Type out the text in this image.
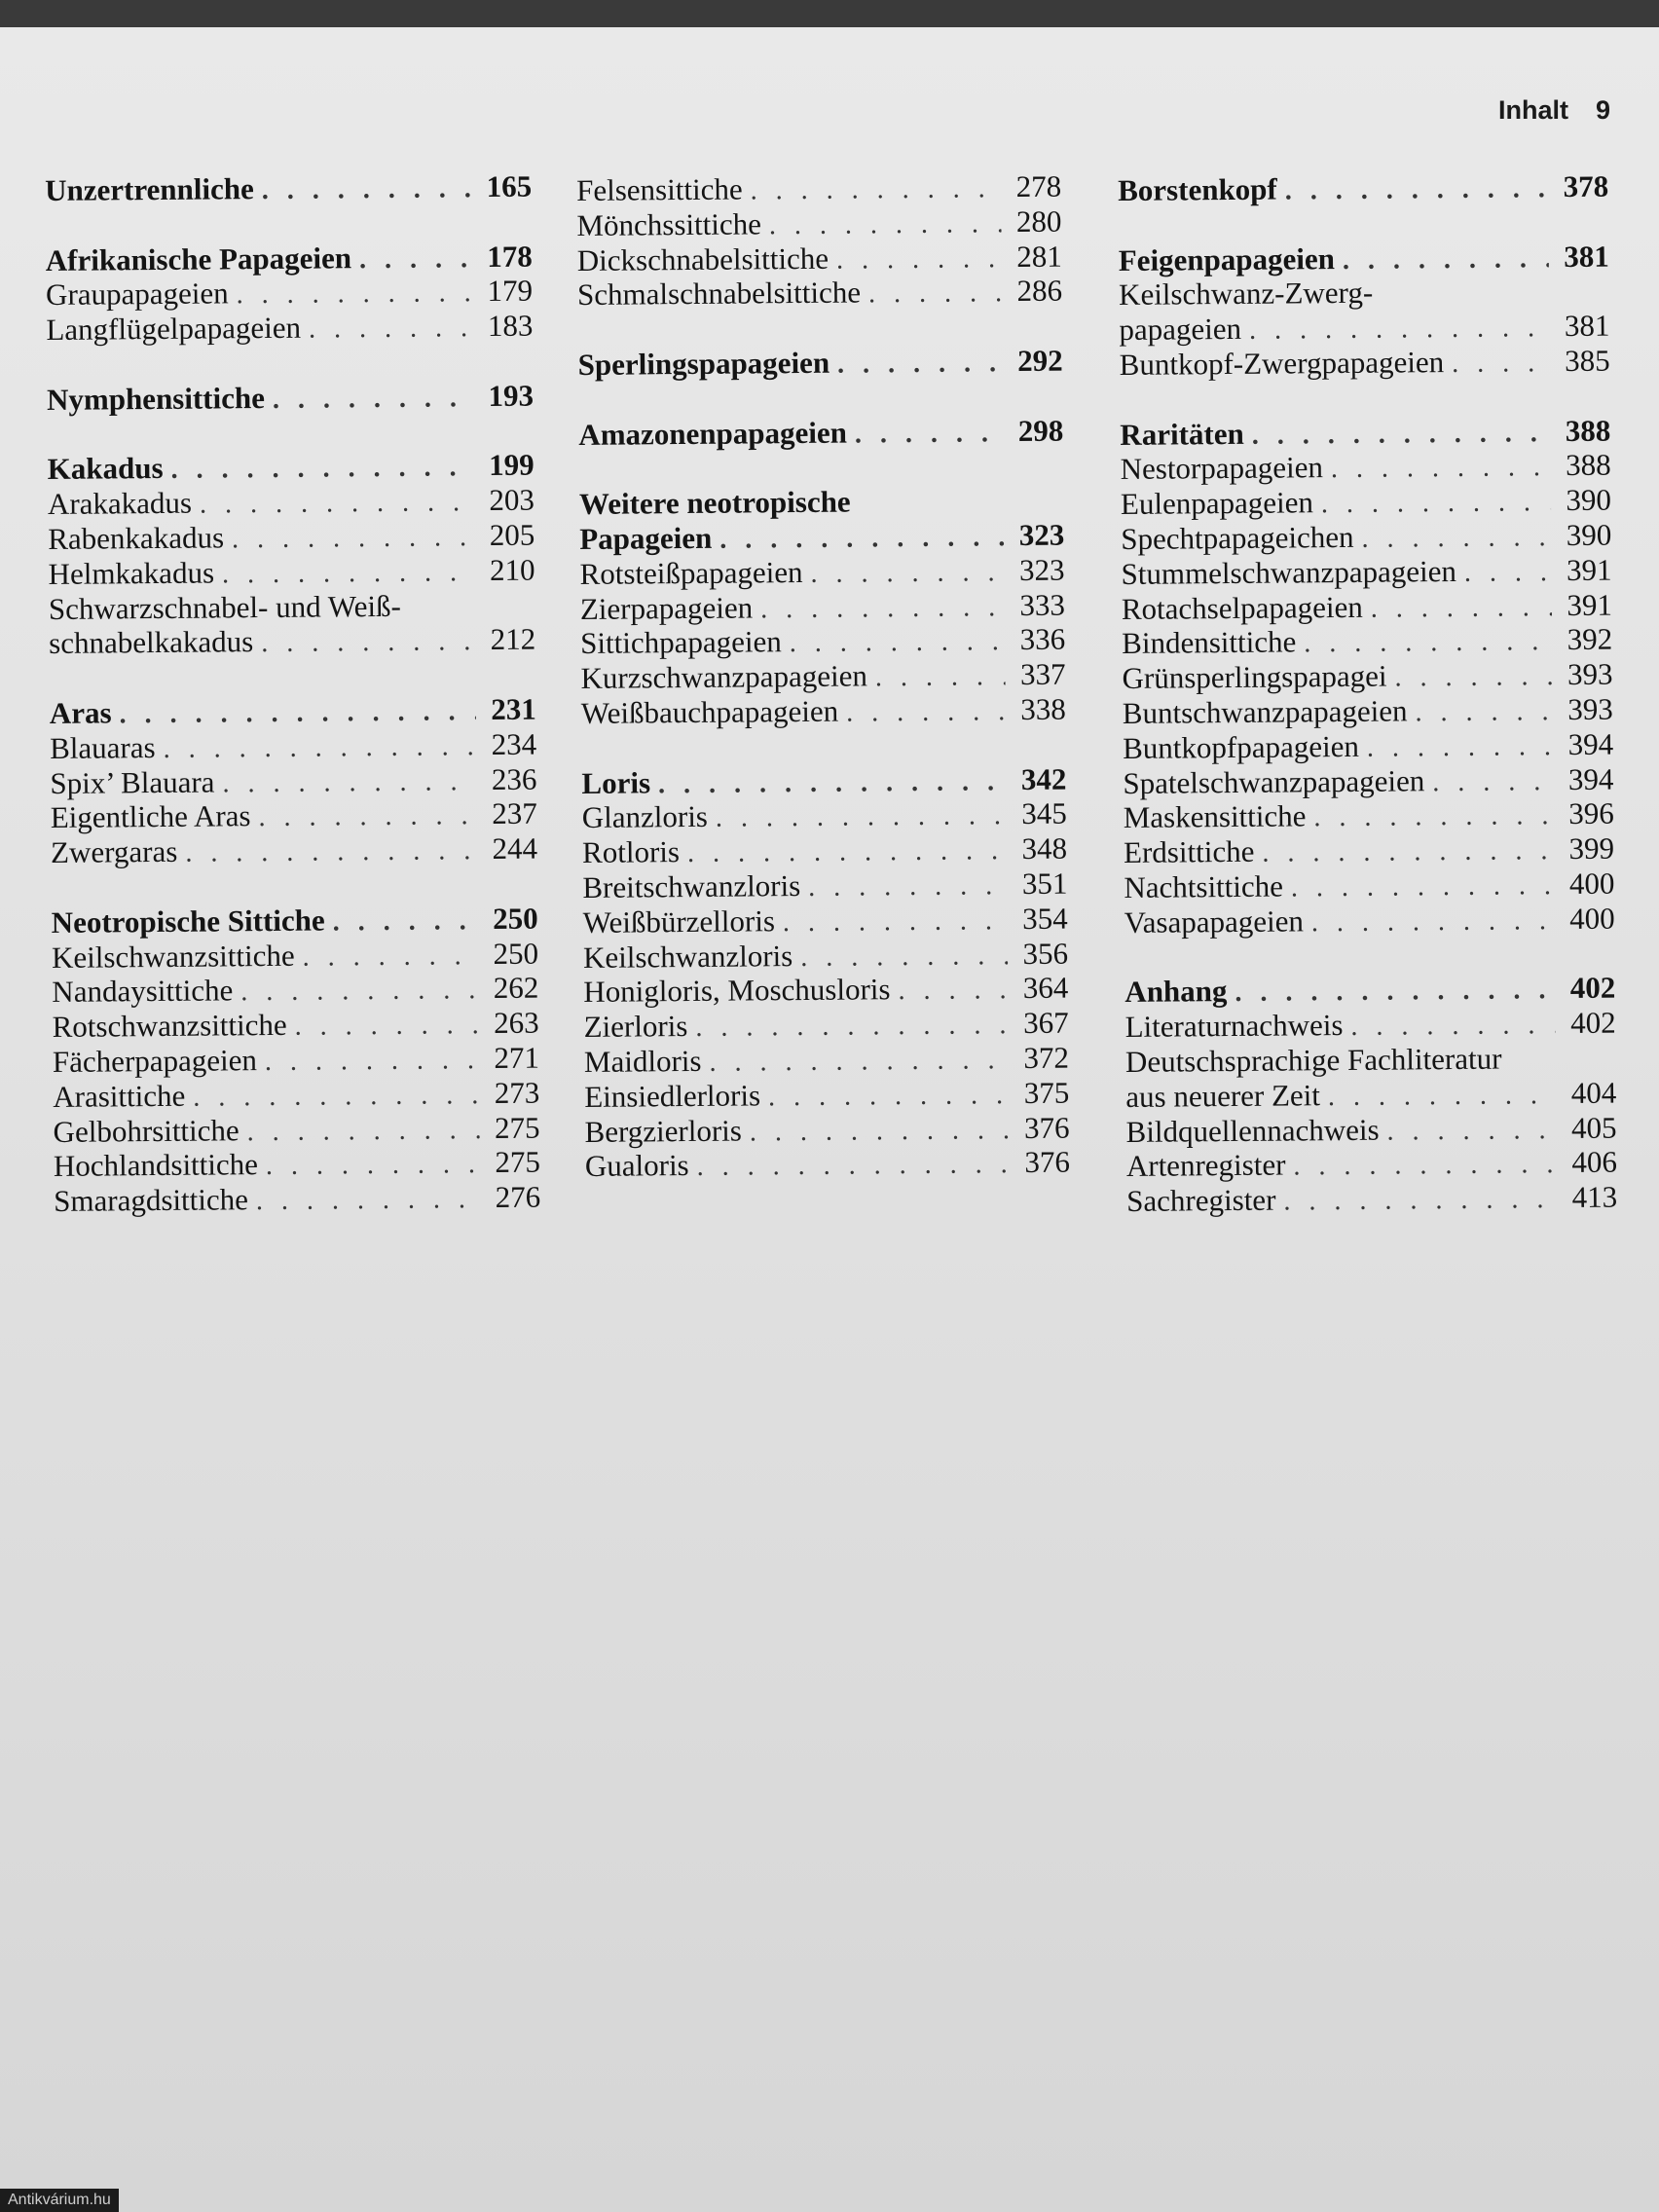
Inhalt 9
Unzertrennliche . . .	165
Afrikanische Papageien . . .	178
Graupapageien . . .	179
Langflügelpapageien . . .	183
Nymphensittiche . . .	193
Kakadus . . .	199
Arakakadus . . .	203
Rabenkakadus . . .	205
Helmkakadus . . .	210
Schwarzschnabel- und Weiß-
schnabelkakadus . . .	212
Aras . . .	231
Blauaras . . .	234
Spix’ Blauara . . .	236
Eigentliche Aras . . .	237
Zwergaras . . .	244
Neotropische Sittiche . . .	250
Keilschwanzsittiche . . .	250
Nandaysittiche . . .	262
Rotschwanzsittiche . . .	263
Fächerpapageien . . .	271
Arasittiche . . .	273
Gelbohrsittiche . . .	275
Hochlandsittiche . . .	275
Smaragdsittiche . . .	276
Felsensittiche . . .	278
Mönchssittiche . . .	280
Dickschnabelsittiche . . .	281
Schmalschnabelsittiche . . .	286
Sperlingspapageien . . .	292
Amazonenpapageien . . .	298
Weitere neotropische
Papageien . . .	323
Rotsteißpapageien . . .	323
Zierpapageien . . .	333
Sittichpapageien . . .	336
Kurzschwanzpapageien . . .	337
Weißbauchpapageien . . .	338
Loris . . .	342
Glanzloris . . .	345
Rotloris . . .	348
Breitschwanzloris . . .	351
Weißbürzelloris . . .	354
Keilschwanzloris . . .	356
Honigloris, Moschusloris . . .	364
Zierloris . . .	367
Maidloris . . .	372
Einsiedlerloris . . .	375
Bergzierloris . . .	376
Gualoris . . .	376
Borstenkopf . . .	378
Feigenpapageien . . .	381
Keilschwanz-Zwerg-
papageien . . .	381
Buntkopf-Zwergpapageien . . .	385
Raritäten . . .	388
Nestorpapageien . . .	388
Eulenpapageien . . .	390
Spechtpapageichen . . .	390
Stummelschwanzpapageien . . .	391
Rotachselpapageien . . .	391
Bindensittiche . . .	392
Grünsperlingspapagei . . .	393
Buntschwanzpapageien . . .	393
Buntkopfpapageien . . .	394
Spatelschwanzpapageien . . .	394
Maskensittiche . . .	396
Erdsittiche . . .	399
Nachtsittiche . . .	400
Vasapapageien . . .	400
Anhang . . .	402
Literaturnachweis . . .	402
Deutschsprachige Fachliteratur
aus neuerer Zeit . . .	404
Bildquellennachweis . . .	405
Artenregister . . .	406
Sachregister . . .	413
Antikvárium.hu
